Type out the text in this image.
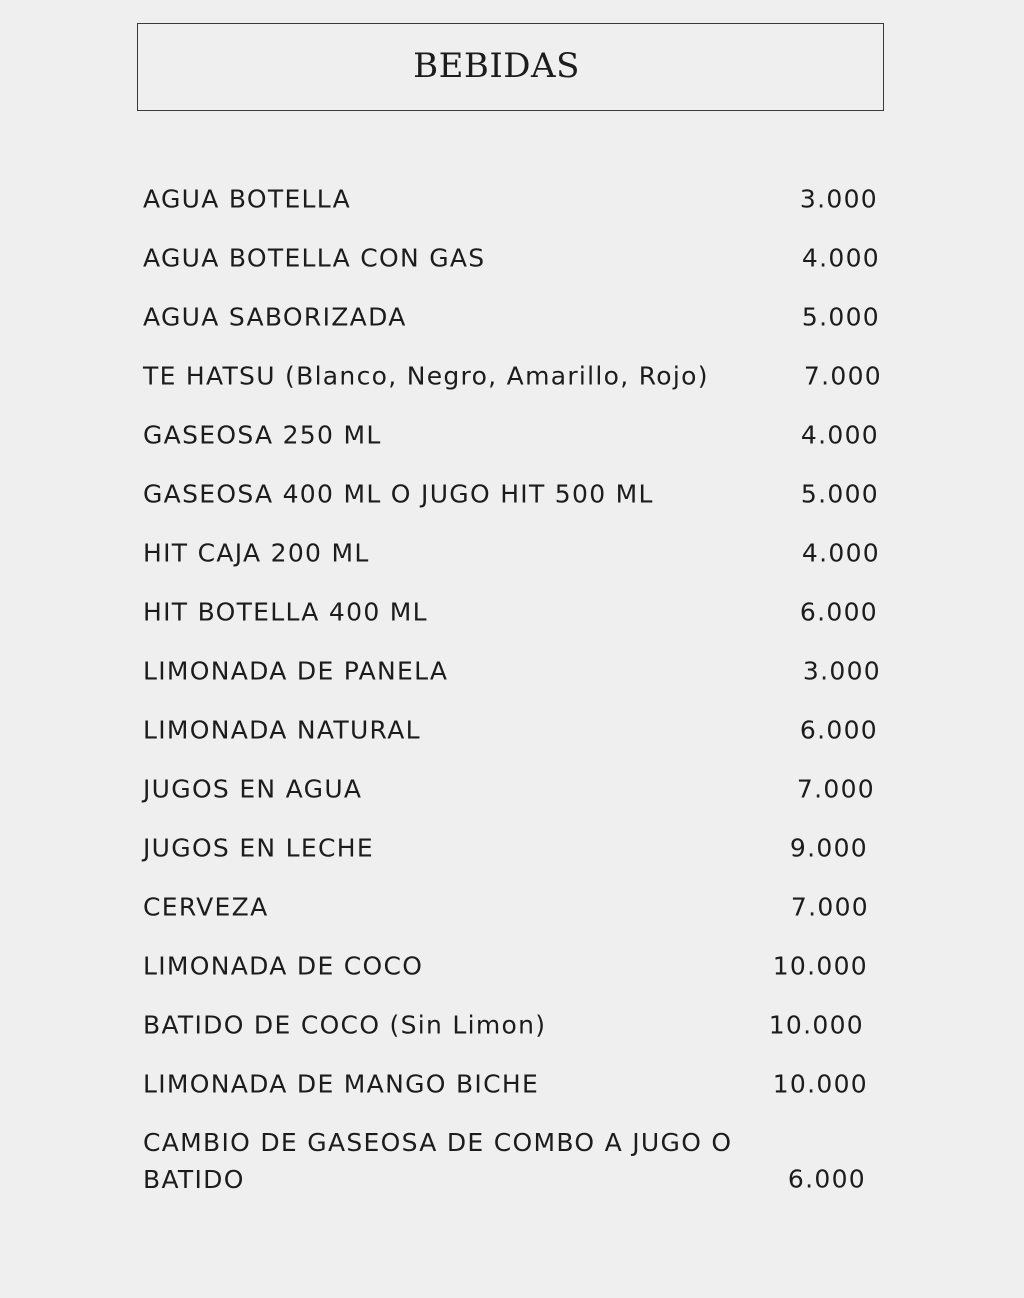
BEBIDAS
AGUA BOTELLA	3.000
AGUA BOTELLA CON GAS	4.000
AGUA SABORIZADA	5.000
TE HATSU (Blanco, Negro, Amarillo, Rojo)	7.000
GASEOSA 250 ML	4.000
GASEOSA 400 ML O JUGO HIT 500 ML	5.000
HIT CAJA 200 ML	4.000
HIT BOTELLA 400 ML	6.000
LIMONADA DE PANELA	3.000
LIMONADA NATURAL	6.000
JUGOS EN AGUA	7.000
JUGOS EN LECHE	9.000
CERVEZA	7.000
LIMONADA DE COCO	10.000
BATIDO DE COCO (Sin Limon)	10.000
LIMONADA DE MANGO BICHE	10.000
CAMBIO DE GASEOSA DE COMBO A JUGO O BATIDO	6.000
